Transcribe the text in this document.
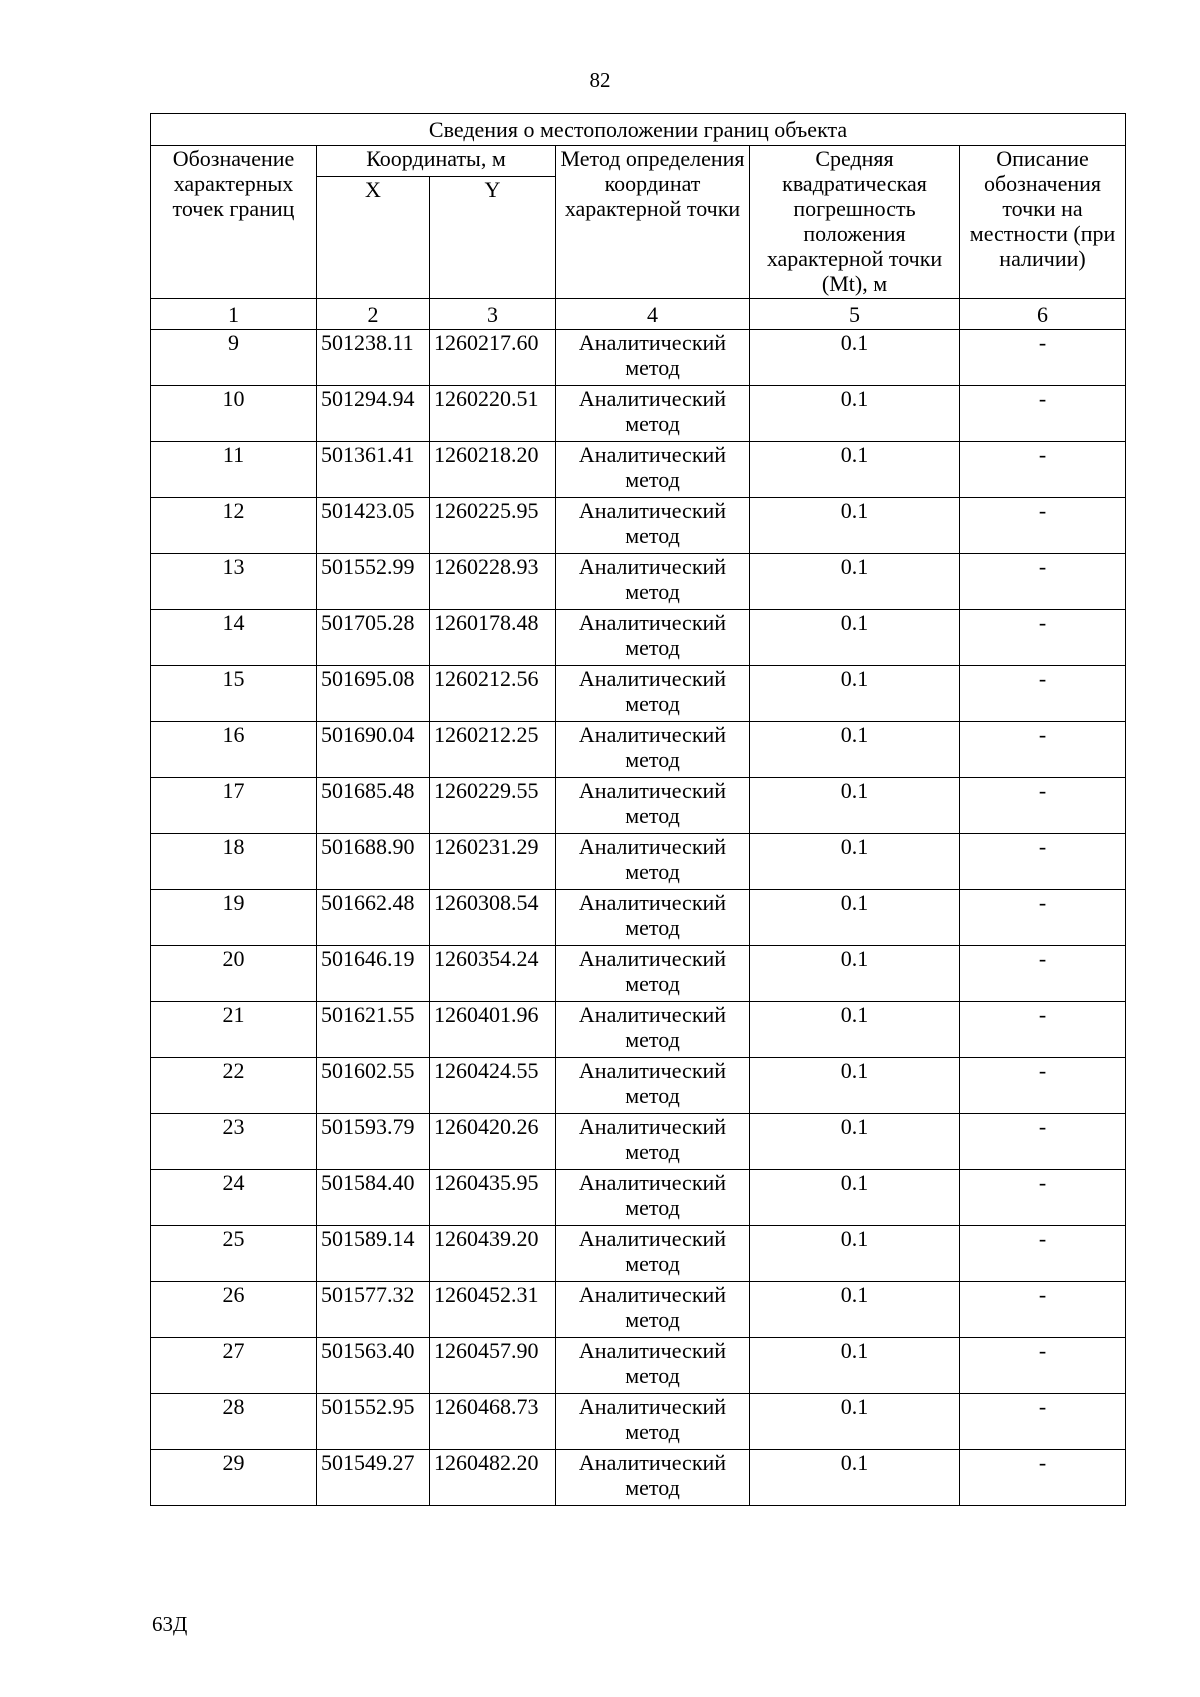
82
Сведения о местоположении границ объекта					
Обозначение характерных точек границ	Координаты, м		Метод определения координат характерной точки	Средняя квадратическая погрешность положения характерной точки (Mt), м	Описание обозначения точки на местности (при наличии)
	X	Y			
1	2	3	4	5	6
9	501238.11	1260217.60	Аналитический метод	0.1	-
10	501294.94	1260220.51	Аналитический метод	0.1	-
11	501361.41	1260218.20	Аналитический метод	0.1	-
12	501423.05	1260225.95	Аналитический метод	0.1	-
13	501552.99	1260228.93	Аналитический метод	0.1	-
14	501705.28	1260178.48	Аналитический метод	0.1	-
15	501695.08	1260212.56	Аналитический метод	0.1	-
16	501690.04	1260212.25	Аналитический метод	0.1	-
17	501685.48	1260229.55	Аналитический метод	0.1	-
18	501688.90	1260231.29	Аналитический метод	0.1	-
19	501662.48	1260308.54	Аналитический метод	0.1	-
20	501646.19	1260354.24	Аналитический метод	0.1	-
21	501621.55	1260401.96	Аналитический метод	0.1	-
22	501602.55	1260424.55	Аналитический метод	0.1	-
23	501593.79	1260420.26	Аналитический метод	0.1	-
24	501584.40	1260435.95	Аналитический метод	0.1	-
25	501589.14	1260439.20	Аналитический метод	0.1	-
26	501577.32	1260452.31	Аналитический метод	0.1	-
27	501563.40	1260457.90	Аналитический метод	0.1	-
28	501552.95	1260468.73	Аналитический метод	0.1	-
29	501549.27	1260482.20	Аналитический метод	0.1	-
63Д
